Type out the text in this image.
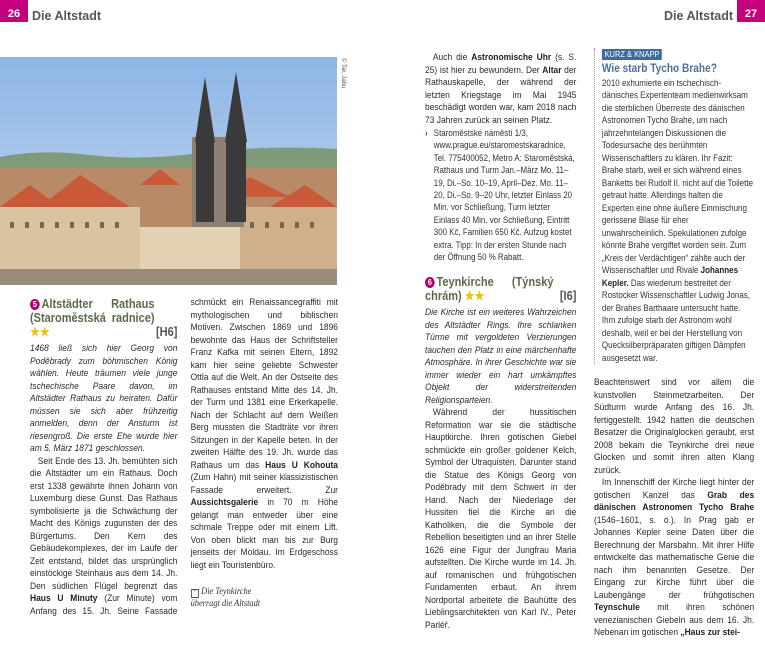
26 Die Altstadt
© Tar, Jahu
5 Altstädter Rathaus (Staroměstská radnice) ★★	[H6]

1468 ließ sich hier Georg von Poděbrady zum böhmischen König wählen. Heute träumen viele junge tschechische Paare davon, im Altstädter Rathaus zu heiraten. Dafür müssen sie sich aber frühzeitig anmelden, denn der Ansturm ist riesengroß. Die erste Ehe wurde hier am 5. März 1871 geschlossen.

Seit Ende des 13. Jh. bemühten sich die Altstädter um ein Rathaus. Doch erst 1338 gewährte ihnen Johann von Luxemburg diese Gunst. Das Rathaus symbolisierte ja die Schwächung der Macht des Königs zugunsten der des Bürgertums. Den Kern des Gebäudekomplexes, der im Laufe der Zeit entstand, bildet das ursprünglich einstöckige Steinhaus aus dem 14. Jh. Den südlichen Flügel begrenzt das Haus U Minuty (Zur Minute) vom Anfang des 15. Jh. Seine Fassade schmückt ein Renaissancegraffiti mit mythologischen und biblischen Motiven. Zwischen 1869 und 1896 bewohnte das Haus der Schriftsteller Franz Kafka mit seinen Eltern, 1892 kam hier seine geliebte Schwester Ottla auf die Welt. An der Ostseite des Rathauses entstand Mitte des 14. Jh. der Turm und 1381 eine Erkerkapelle. Nach der Schlacht auf dem Weißen Berg mussten die Stadträte vor ihren Sitzungen in der Kapelle beten. In der zweiten Hälfte des 19. Jh. wurde das Rathaus um das Haus U Kohouta (Zum Hahn) mit seiner klassizistischen Fassade erweitert. Zur Aussichtsgalerie in 70 m Höhe gelangt man entweder über eine schmale Treppe oder mit einem Lift. Von oben blickt man bis zur Burg jenseits der Moldau. Im Erdgeschoss liegt ein Touristenbüro.

⌃ Die Teynkirche
überragt die Altstadt
27
Die Altstadt

Auch die Astronomische Uhr (s. S. 25) ist hier zu bewundern. Der Altar der Rathauskapelle, der während der letzten Kriegstage im Mai 1945 beschädigt worden war, kam 2018 nach 73 Jahren zurück an seinen Platz.

› Staroměstské náměstí 1/3, www.prague.eu/staromestskaradnice, Tel. 775400052, Metro A: Staroměstská, Rathaus und Turm Jan.–März Mo. 11–19, Di.–So. 10–19, April–Dez. Mo. 11–20, Di.–So. 9–20 Uhr, letzter Einlass 20 Min. vor Schließung, Turm letzter Einlass 40 Min. vor Schließung, Eintritt 300 Kč, Familien 650 Kč. Aufzug kostet extra. Tipp: In der ersten Stunde nach der Öffnung 50 % Rabatt.
6 Teynkirche (Týnský chrám) ★★	[I6]

Die Kirche ist ein weiteres Wahrzeichen des Altstädter Rings. Ihre schlanken Türme mit vergoldeten Verzierungen tauchen den Platz in eine märchenhafte Atmosphäre. In ihrer Geschichte war sie immer wieder ein hart umkämpftes Objekt der widerstreitenden Religionsparteien.

Während der hussitischen Reformation war sie die städtische Hauptkirche. Ihren gotischen Giebel schmückte ein großer goldener Kelch, Symbol der Utraquisten. Darunter stand die Statue des Königs Georg von Poděbrady mit dem Schwert in der Hand. Nach der Niederlage der Hussiten fiel die Kirche an die Katholiken, die die Symbole der Rebellion beseitigten und an ihrer Stelle 1626 eine Figur der Jungfrau Maria aufstellten. Die Kirche wurde im 14. Jh. auf romanischen und frühgotischen Fundamenten erbaut. An ihrem Nordportal arbeitete die Bauhütte des Lieblingsarchitekten von Karl IV., Peter Parléř.

KURZ & KNAPP
Wie starb Tycho Brahe?
2010 exhumierte ein tschechisch-dänisches Expertenteam medienwirksam die sterblichen Überreste des dänischen Astronomen Tycho Brahe, um nach jahrzehntelangen Diskussionen die Todesursache des berühmten Wissenschaftlers zu klären. Ihr Fazit: Brahe starb, weil er sich während eines Banketts bei Rudolf II. nicht auf die Toilette getraut hatte. Allerdings halten die Experten eine ohne äußere Einmischung gerissene Blase für eher unwahrscheinlich. Spekulationen zufolge könnte Brahe vergiftet worden sein. Zum „Kreis der Verdächtigen“ zählte auch der Wissenschaftler und Rivale Johannes Kepler. Das wiederum bestreitet der Rostocker Wissenschaftler Ludwig Jonas, der Brahes Barthaare untersucht hatte. Ihm zufolge starb der Astronom wohl deshalb, weil er bei der Herstellung von Quecksilberpräparaten giftigen Dämpfen ausgesetzt war.

Beachtenswert sind vor allem die kunstvollen Steinmetzarbeiten. Der Südturm wurde Anfang des 16. Jh. fertiggestellt. 1942 hatten die deutschen Besatzer die Originalglocken geraubt, erst 2008 bekam die Teynkirche drei neue Glocken und somit ihren alten Klang zurück.

Im Innenschiff der Kirche liegt hinter der gotischen Kanzel das Grab des dänischen Astronomen Tycho Brahe (1546–1601, s. o.). In Prag gab er Johannes Kepler seine Daten über die Berechnung der Marsbahn. Mit ihrer Hilfe entwickelte das mathematische Genie die nach ihm benannten Gesetze. Der Eingang zur Kirche führt über die Laubengänge der frühgotischen Teynschule mit ihren schönen venezianischen Giebeln aus dem 16. Jh. Nebenan im gotischen „Haus zur stei-
